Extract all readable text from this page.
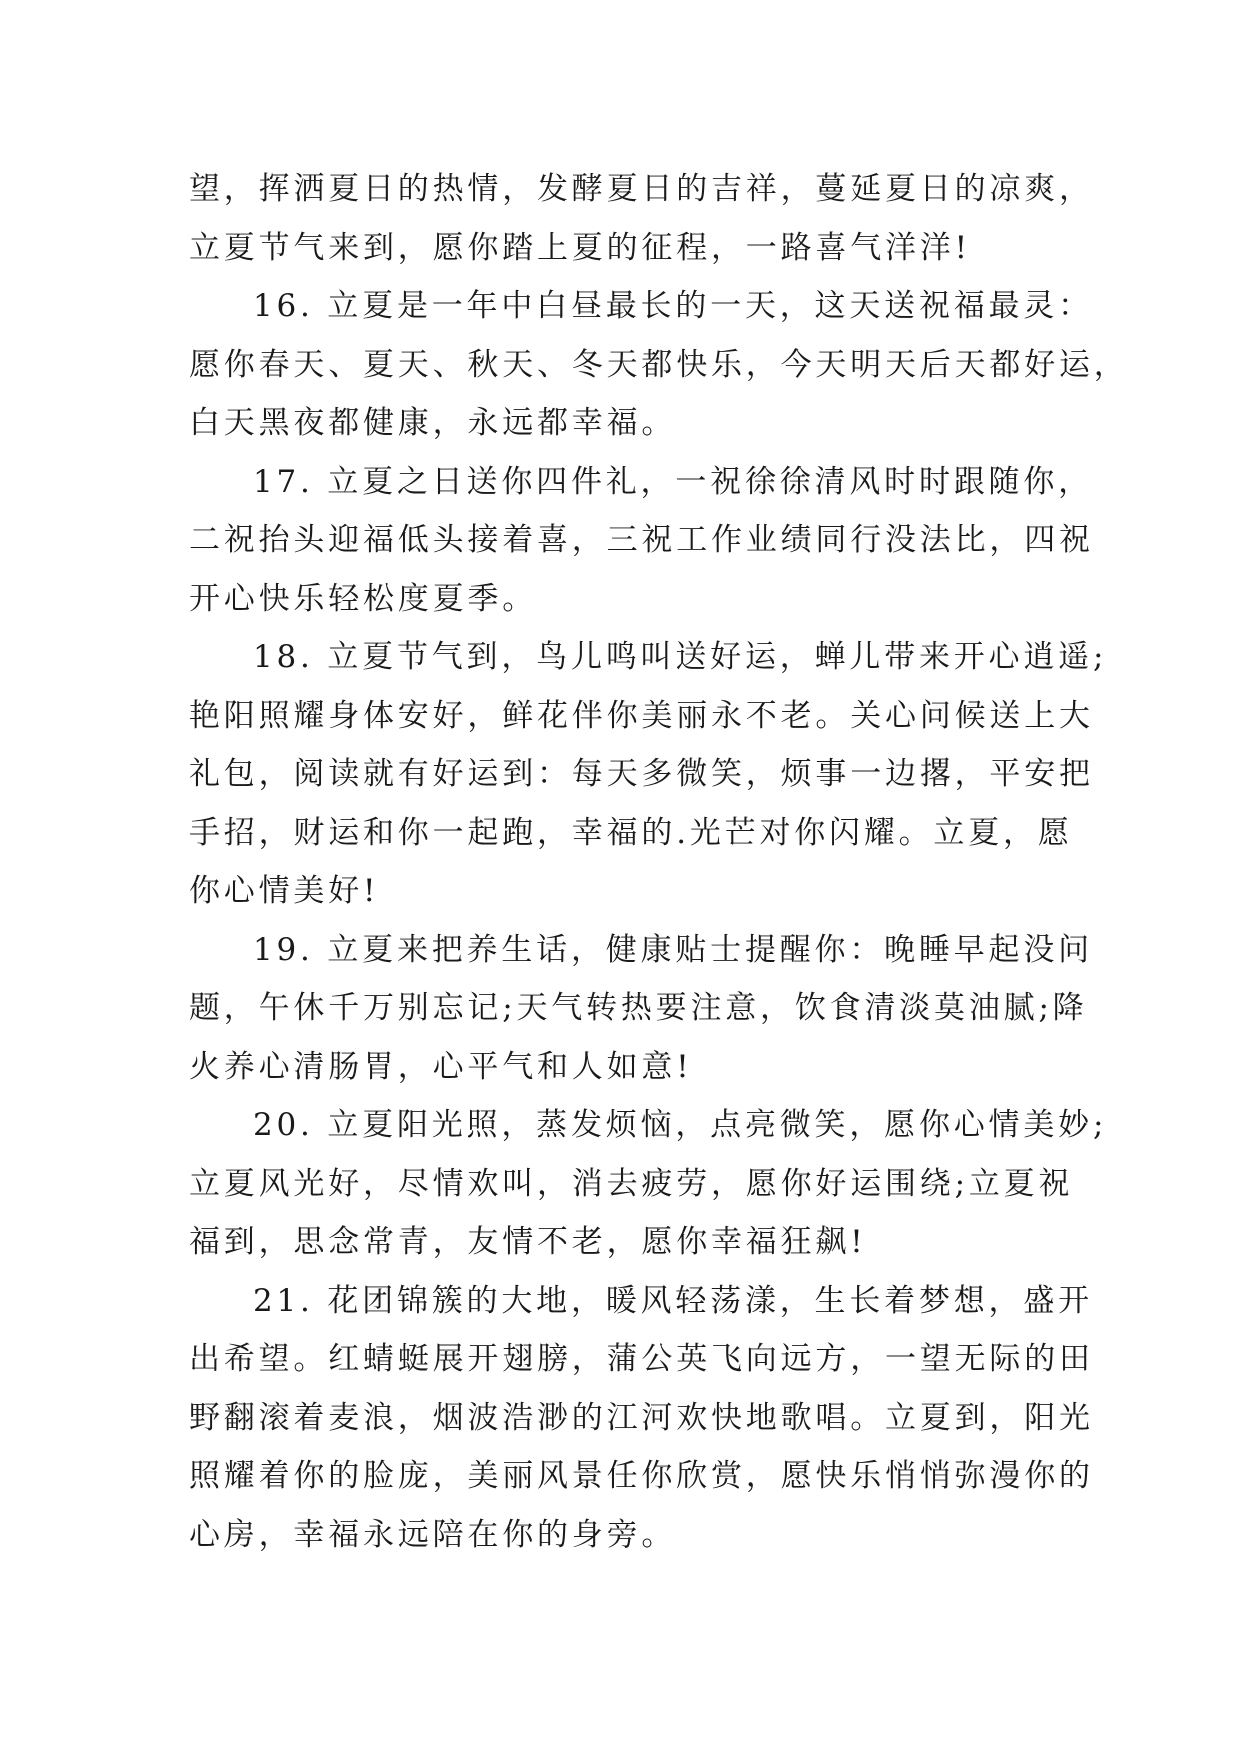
望，挥洒夏日的热情，发酵夏日的吉祥，蔓延夏日的凉爽，
立夏节气来到，愿你踏上夏的征程，一路喜气洋洋!
16. 立夏是一年中白昼最长的一天，这天送祝福最灵：
愿你春天、夏天、秋天、冬天都快乐，今天明天后天都好运，
白天黑夜都健康，永远都幸福。
17. 立夏之日送你四件礼，一祝徐徐清风时时跟随你，
二祝抬头迎福低头接着喜，三祝工作业绩同行没法比，四祝
开心快乐轻松度夏季。
18. 立夏节气到，鸟儿鸣叫送好运，蝉儿带来开心逍遥;
艳阳照耀身体安好，鲜花伴你美丽永不老。关心问候送上大
礼包，阅读就有好运到：每天多微笑，烦事一边撂，平安把
手招，财运和你一起跑，幸福的.光芒对你闪耀。立夏，愿
你心情美好!
19. 立夏来把养生话，健康贴士提醒你：晚睡早起没问
题，午休千万别忘记;天气转热要注意，饮食清淡莫油腻;降
火养心清肠胃，心平气和人如意!
20. 立夏阳光照，蒸发烦恼，点亮微笑，愿你心情美妙;
立夏风光好，尽情欢叫，消去疲劳，愿你好运围绕;立夏祝
福到，思念常青，友情不老，愿你幸福狂飙!
21. 花团锦簇的大地，暖风轻荡漾，生长着梦想，盛开
出希望。红蜻蜓展开翅膀，蒲公英飞向远方，一望无际的田
野翻滚着麦浪，烟波浩渺的江河欢快地歌唱。立夏到，阳光
照耀着你的脸庞，美丽风景任你欣赏，愿快乐悄悄弥漫你的
心房，幸福永远陪在你的身旁。
